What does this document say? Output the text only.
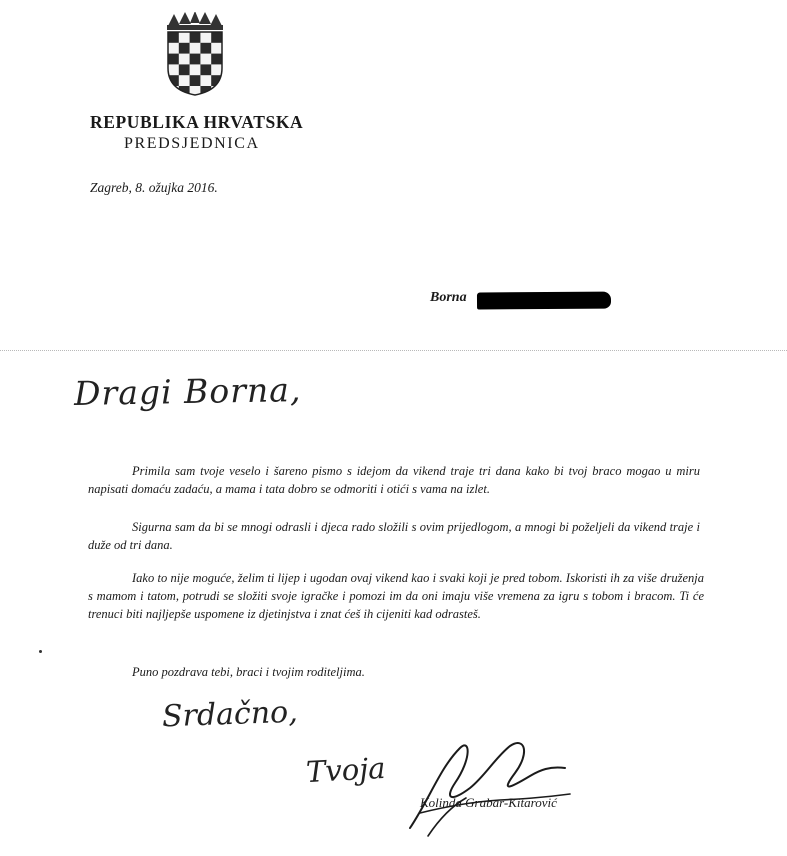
REPUBLIKA HRVATSKA
PREDSJEDNICA
Zagreb, 8. ožujka 2016.
Borna
Dragi Borna,
Primila sam tvoje veselo i šareno pismo s idejom da vikend traje tri dana kako bi tvoj braco mogao u miru napisati domaću zadaću, a mama i tata dobro se odmoriti i otići s vama na izlet.
Sigurna sam da bi se mnogi odrasli i djeca rado složili s ovim prijedlogom, a mnogi bi poželjeli da vikend traje i duže od tri dana.
Iako to nije moguće, želim ti lijep i ugodan ovaj vikend kao i svaki koji je pred tobom. Iskoristi ih za više druženja s mamom i tatom, potrudi se složiti svoje igračke i pomozi im da oni imaju više vremena za igru s tobom i bracom. Ti će trenuci biti najljepše uspomene iz djetinjstva i znat ćeš ih cijeniti kad odrasteš.
Puno pozdrava tebi, braci i tvojim roditeljima.
Srdačno,
Tvoja
Kolinda Grabar-Kitarović
